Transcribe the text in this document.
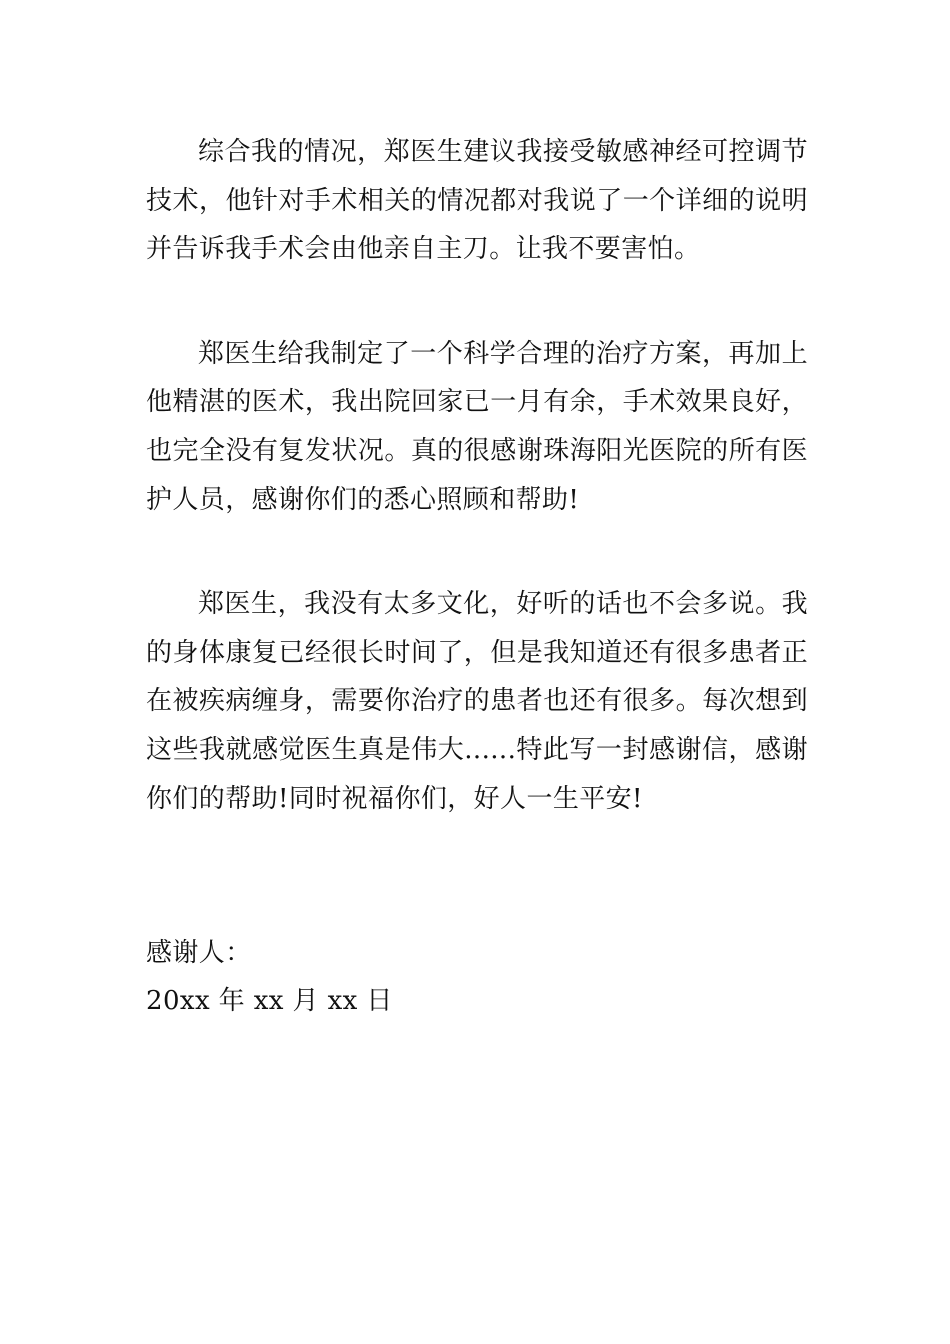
综合我的情况，郑医生建议我接受敏感神经可控调节技术，他针对手术相关的情况都对我说了一个详细的说明并告诉我手术会由他亲自主刀。让我不要害怕。

郑医生给我制定了一个科学合理的治疗方案，再加上他精湛的医术，我出院回家已一月有余，手术效果良好，也完全没有复发状况。真的很感谢珠海阳光医院的所有医护人员，感谢你们的悉心照顾和帮助!

郑医生，我没有太多文化，好听的话也不会多说。我的身体康复已经很长时间了，但是我知道还有很多患者正在被疾病缠身，需要你治疗的患者也还有很多。每次想到这些我就感觉医生真是伟大......特此写一封感谢信，感谢你们的帮助!同时祝福你们，好人一生平安!

感谢人：

20xx 年 xx 月 xx 日
